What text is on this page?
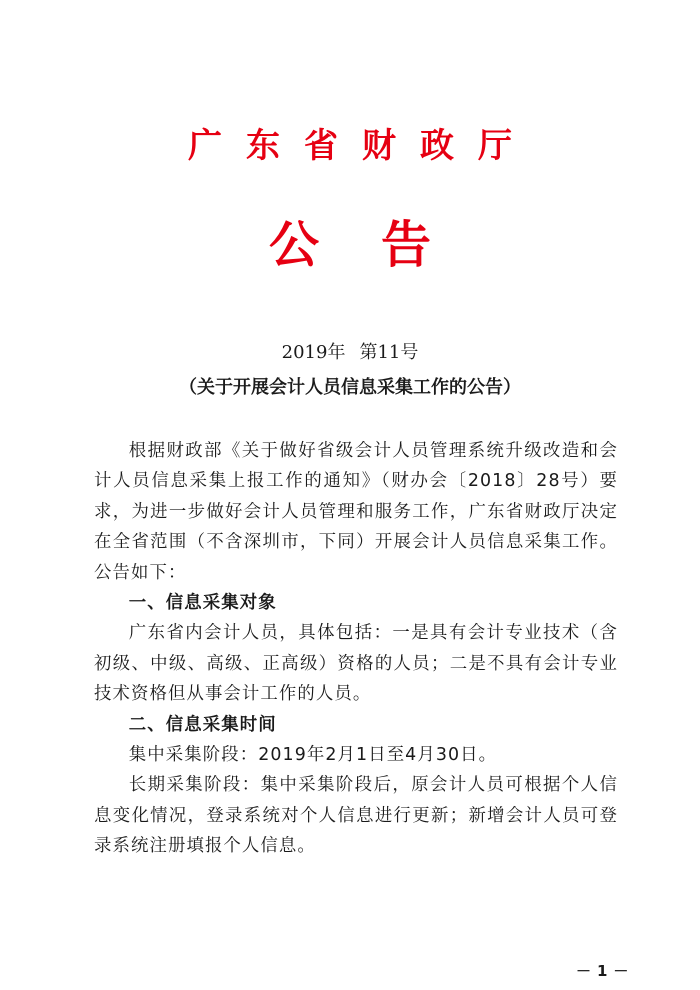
广东省财政厅
公告
2019年 第11号
（关于开展会计人员信息采集工作的公告）

根据财政部《关于做好省级会计人员管理系统升级改造和会计人员信息采集上报工作的通知》（财办会〔2018〕28号）要求，为进一步做好会计人员管理和服务工作，广东省财政厅决定在全省范围（不含深圳市，下同）开展会计人员信息采集工作。公告如下：

一、信息采集对象

广东省内会计人员，具体包括：一是具有会计专业技术（含初级、中级、高级、正高级）资格的人员；二是不具有会计专业技术资格但从事会计工作的人员。

二、信息采集时间

集中采集阶段：2019年2月1日至4月30日。

长期采集阶段：集中采集阶段后，原会计人员可根据个人信息变化情况，登录系统对个人信息进行更新；新增会计人员可登录系统注册填报个人信息。

－1－
